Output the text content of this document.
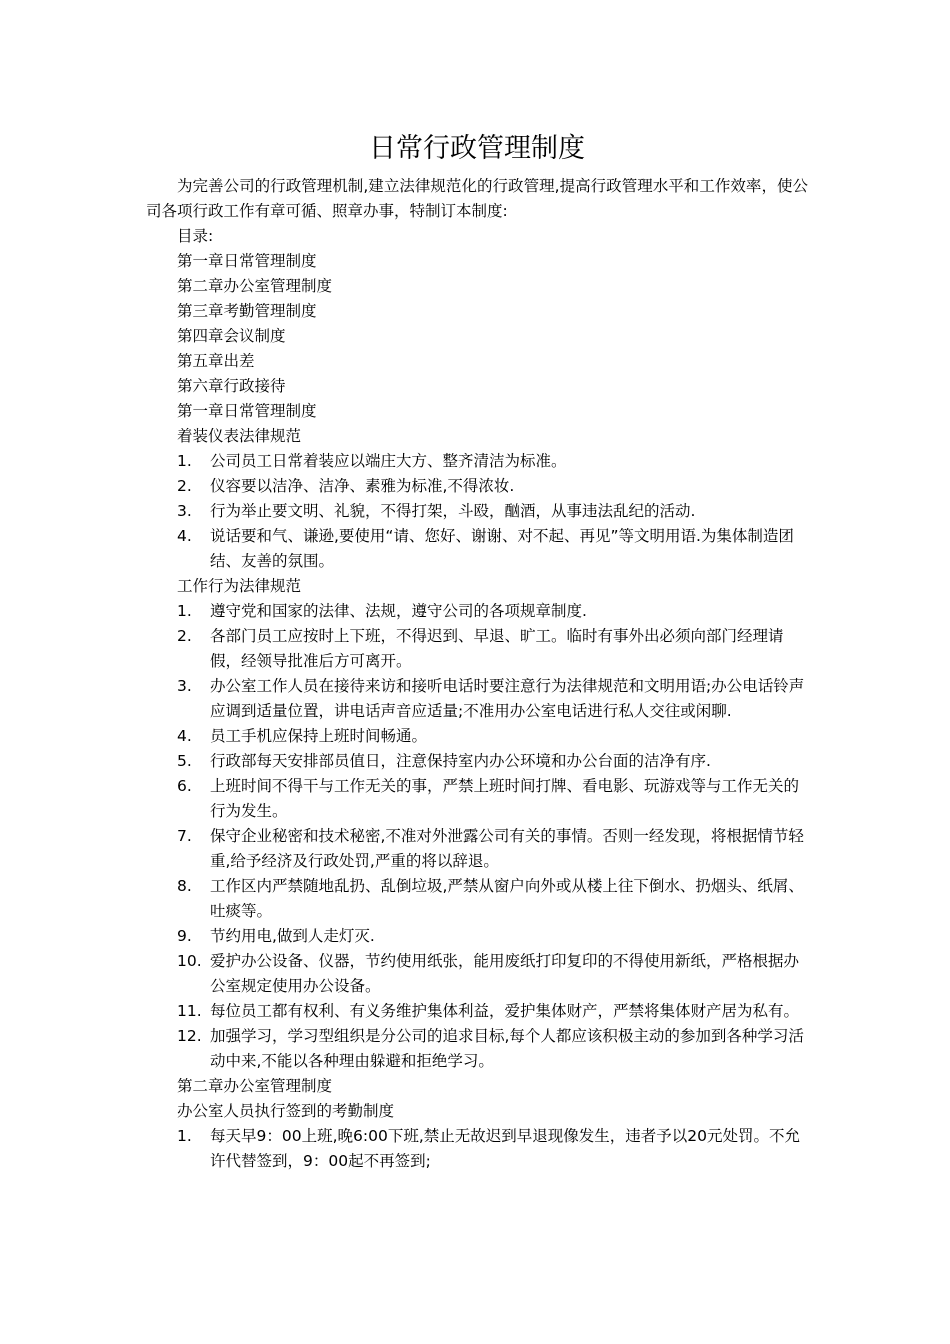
日常行政管理制度

为完善公司的行政管理机制,建立法律规范化的行政管理,提高行政管理水平和工作效率，使公司各项行政工作有章可循、照章办事，特制订本制度:

目录:
第一章日常管理制度
第二章办公室管理制度
第三章考勤管理制度
第四章会议制度
第五章出差
第六章行政接待
第一章日常管理制度
着装仪表法律规范
1. 公司员工日常着装应以端庄大方、整齐清洁为标准。
2. 仪容要以洁净、洁净、素雅为标准,不得浓妆.
3. 行为举止要文明、礼貌，不得打架，斗殴，酗酒，从事违法乱纪的活动.
4. 说话要和气、谦逊,要使用“请、您好、谢谢、对不起、再见”等文明用语.为集体制造团结、友善的氛围。
工作行为法律规范
1. 遵守党和国家的法律、法规，遵守公司的各项规章制度.
2. 各部门员工应按时上下班，不得迟到、早退、旷工。临时有事外出必须向部门经理请假，经领导批准后方可离开。
3. 办公室工作人员在接待来访和接听电话时要注意行为法律规范和文明用语;办公电话铃声应调到适量位置，讲电话声音应适量;不准用办公室电话进行私人交往或闲聊.
4. 员工手机应保持上班时间畅通。
5. 行政部每天安排部员值日，注意保持室内办公环境和办公台面的洁净有序.
6. 上班时间不得干与工作无关的事，严禁上班时间打牌、看电影、玩游戏等与工作无关的行为发生。
7. 保守企业秘密和技术秘密,不准对外泄露公司有关的事情。否则一经发现，将根据情节轻重,给予经济及行政处罚,严重的将以辞退。
8. 工作区内严禁随地乱扔、乱倒垃圾,严禁从窗户向外或从楼上往下倒水、扔烟头、纸屑、吐痰等。
9. 节约用电,做到人走灯灭.
10. 爱护办公设备、仪器，节约使用纸张，能用废纸打印复印的不得使用新纸，严格根据办公室规定使用办公设备。
11. 每位员工都有权利、有义务维护集体利益，爱护集体财产，严禁将集体财产居为私有。
12. 加强学习，学习型组织是分公司的追求目标,每个人都应该积极主动的参加到各种学习活动中来,不能以各种理由躲避和拒绝学习。
第二章办公室管理制度
办公室人员执行签到的考勤制度
1. 每天早9：00上班,晚6:00下班,禁止无故迟到早退现像发生，违者予以20元处罚。不允许代替签到，9：00起不再签到;
